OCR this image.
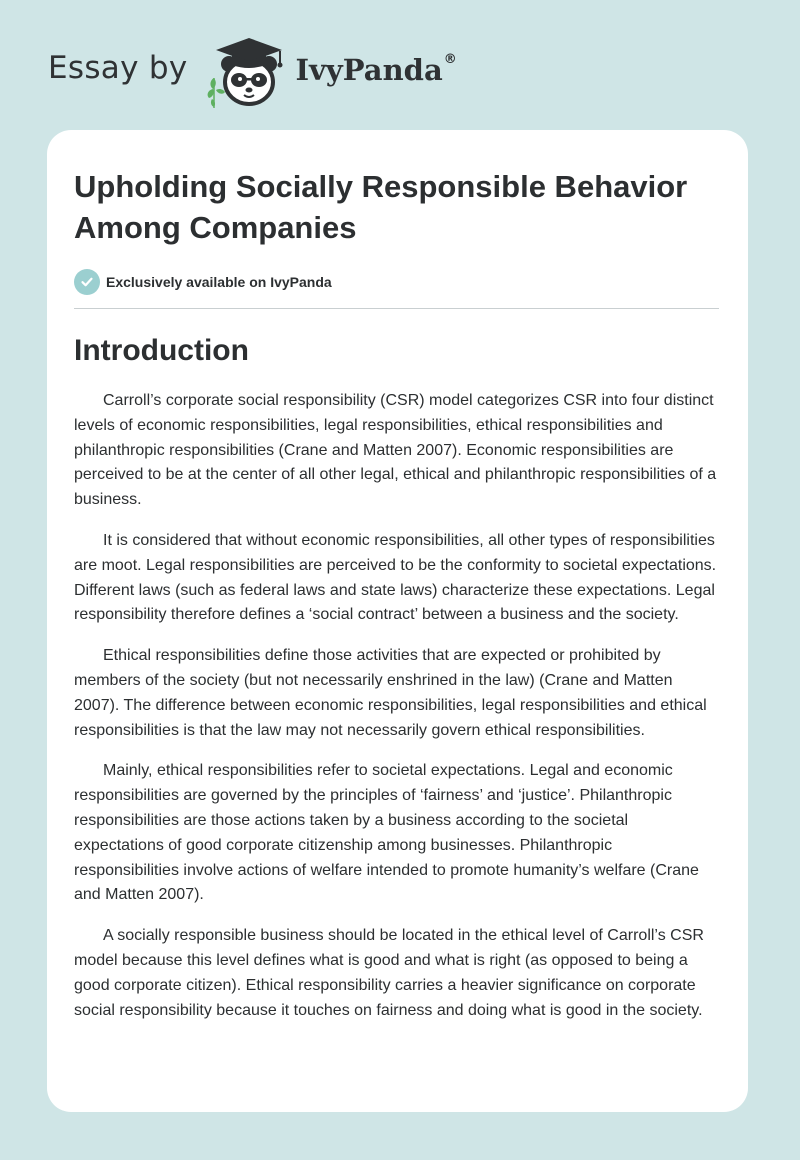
Essay by	IvyPanda ®
Upholding Socially Responsible Behavior Among Companies
Exclusively available on IvyPanda
Introduction

Carroll’s corporate social responsibility (CSR) model categorizes CSR into four distinct levels of economic responsibilities, legal responsibilities, ethical responsibilities and philanthropic responsibilities (Crane and Matten 2007). Economic responsibilities are perceived to be at the center of all other legal, ethical and philanthropic responsibilities of a business.

It is considered that without economic responsibilities, all other types of responsibilities are moot. Legal responsibilities are perceived to be the conformity to societal expectations. Different laws (such as federal laws and state laws) characterize these expectations. Legal responsibility therefore defines a ‘social contract’ between a business and the society.

Ethical responsibilities define those activities that are expected or prohibited by members of the society (but not necessarily enshrined in the law) (Crane and Matten 2007). The difference between economic responsibilities, legal responsibilities and ethical responsibilities is that the law may not necessarily govern ethical responsibilities.

Mainly, ethical responsibilities refer to societal expectations. Legal and economic responsibilities are governed by the principles of ‘fairness’ and ‘justice’. Philanthropic responsibilities are those actions taken by a business according to the societal expectations of good corporate citizenship among businesses. Philanthropic responsibilities involve actions of welfare intended to promote humanity’s welfare (Crane and Matten 2007).

A socially responsible business should be located in the ethical level of Carroll’s CSR model because this level defines what is good and what is right (as opposed to being a good corporate citizen). Ethical responsibility carries a heavier significance on corporate social responsibility because it touches on fairness and doing what is good in the society.
